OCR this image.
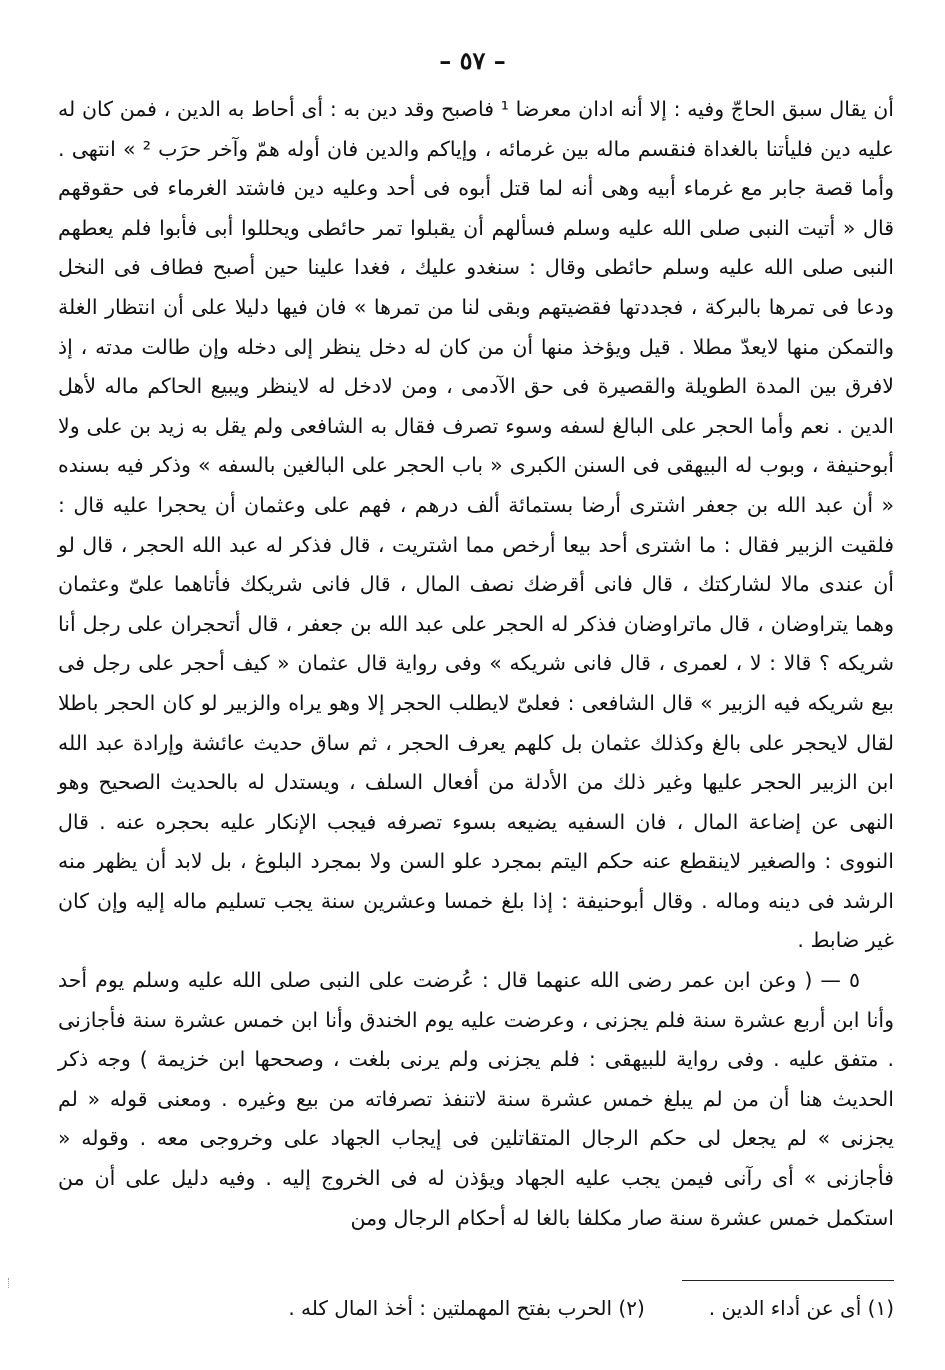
– ٥٧ –

أن يقال سبق الحاجّ وفيه : إلا أنه ادان معرضا ¹ فاصبح وقد دين به : أى أحاط به الدين ، فمن كان له عليه دين فليأتنا بالغداة فنقسم ماله بين غرمائه ، وإياكم والدين فان أوله همّ وآخر حرَب ² » انتهى . وأما قصة جابر مع غرماء أبيه وهى أنه لما قتل أبوه فى أحد وعليه دين فاشتد الغرماء فى حقوقهم قال « أتيت النبى صلى الله عليه وسلم فسألهم أن يقبلوا تمر حائطى ويحللوا أبى فأبوا فلم يعطهم النبى صلى الله عليه وسلم حائطى وقال : سنغدو عليك ، فغدا علينا حين أصبح فطاف فى النخل ودعا فى تمرها بالبركة ، فجددتها فقضيتهم وبقى لنا من تمرها » فان فيها دليلا على أن انتظار الغلة والتمكن منها لايعدّ مطلا . قيل ويؤخذ منها أن من كان له دخل ينظر إلى دخله وإن طالت مدته ، إذ لافرق بين المدة الطويلة والقصيرة فى حق الآدمى ، ومن لادخل له لاينظر ويبيع الحاكم ماله لأهل الدين . نعم وأما الحجر على البالغ لسفه وسوء تصرف فقال به الشافعى ولم يقل به زيد بن على ولا أبوحنيفة ، وبوب له البيهقى فى السنن الكبرى « باب الحجر على البالغين بالسفه » وذكر فيه بسنده « أن عبد الله بن جعفر اشترى أرضا بستمائة ألف درهم ، فهم على وعثمان أن يحجرا عليه قال : فلقيت الزبير فقال : ما اشترى أحد بيعا أرخص مما اشتريت ، قال فذكر له عبد الله الحجر ، قال لو أن عندى مالا لشاركتك ، قال فانى أقرضك نصف المال ، قال فانى شريكك فأتاهما علىّ وعثمان وهما يتراوضان ، قال ماتراوضان فذكر له الحجر على عبد الله بن جعفر ، قال أتحجران على رجل أنا شريكه ؟ قالا : لا ، لعمرى ، قال فانى شريكه » وفى رواية قال عثمان « كيف أحجر على رجل فى بيع شريكه فيه الزبير » قال الشافعى : فعلىّ لايطلب الحجر إلا وهو يراه والزبير لو كان الحجر باطلا لقال لايحجر على بالغ وكذلك عثمان بل كلهم يعرف الحجر ، ثم ساق حديث عائشة وإرادة عبد الله ابن الزبير الحجر عليها وغير ذلك من الأدلة من أفعال السلف ، ويستدل له بالحديث الصحيح وهو النهى عن إضاعة المال ، فان السفيه يضيعه بسوء تصرفه فيجب الإنكار عليه بحجره عنه . قال النووى : والصغير لاينقطع عنه حكم اليتم بمجرد علو السن ولا بمجرد البلوغ ، بل لابد أن يظهر منه الرشد فى دينه وماله . وقال أبوحنيفة : إذا بلغ خمسا وعشرين سنة يجب تسليم ماله إليه وإن كان غير ضابط .

٥ — ( وعن ابن عمر رضى الله عنهما قال : عُرضت على النبى صلى الله عليه وسلم يوم أحد وأنا ابن أربع عشرة سنة فلم يجزنى ، وعرضت عليه يوم الخندق وأنا ابن خمس عشرة سنة فأجازنى . متفق عليه . وفى رواية للبيهقى : فلم يجزنى ولم يرنى بلغت ، وصححها ابن خزيمة ) وجه ذكر الحديث هنا أن من لم يبلغ خمس عشرة سنة لاتنفذ تصرفاته من بيع وغيره . ومعنى قوله « لم يجزنى » لم يجعل لى حكم الرجال المتقاتلين فى إيجاب الجهاد على وخروجى معه . وقوله « فأجازنى » أى رآنى فيمن يجب عليه الجهاد ويؤذن له فى الخروج إليه . وفيه دليل على أن من استكمل خمس عشرة سنة صار مكلفا بالغا له أحكام الرجال ومن

(١) أى عن أداء الدين .
(٢) الحرب بفتح المهملتين : أخذ المال كله .
